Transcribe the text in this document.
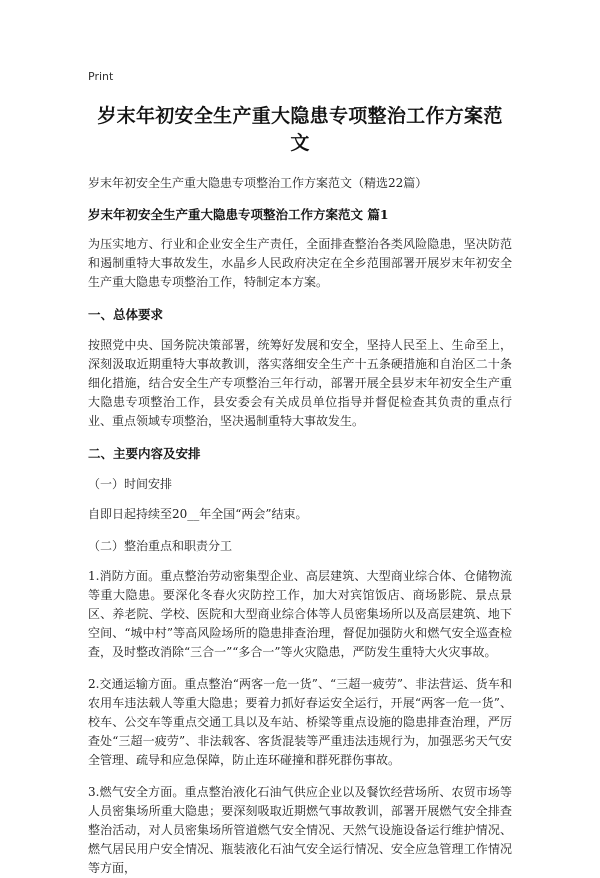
Print
岁末年初安全生产重大隐患专项整治工作方案范文
岁末年初安全生产重大隐患专项整治工作方案范文（精选22篇）
岁末年初安全生产重大隐患专项整治工作方案范文 篇1

为压实地方、行业和企业安全生产责任，全面排查整治各类风险隐患，坚决防范和遏制重特大事故发生，水晶乡人民政府决定在全乡范围部署开展岁末年初安全生产重大隐患专项整治工作，特制定本方案。

一、总体要求

按照党中央、国务院决策部署，统筹好发展和安全，坚持人民至上、生命至上，深刻汲取近期重特大事故教训，落实落细安全生产十五条硬措施和自治区二十条细化措施，结合安全生产专项整治三年行动，部署开展全县岁末年初安全生产重大隐患专项整治工作，县安委会有关成员单位指导并督促检查其负责的重点行业、重点领域专项整治，坚决遏制重特大事故发生。

二、主要内容及安排
（一）时间安排

自即日起持续至20__年全国“两会”结束。

（二）整治重点和职责分工

1.消防方面。重点整治劳动密集型企业、高层建筑、大型商业综合体、仓储物流等重大隐患。要深化冬春火灾防控工作，加大对宾馆饭店、商场影院、景点景区、养老院、学校、医院和大型商业综合体等人员密集场所以及高层建筑、地下空间、“城中村”等高风险场所的隐患排查治理，督促加强防火和燃气安全巡查检查，及时整改消除“三合一”“多合一”等火灾隐患，严防发生重特大火灾事故。

2.交通运输方面。重点整治“两客一危一货”、“三超一疲劳”、非法营运、货车和农用车违法载人等重大隐患；要着力抓好春运安全运行，开展“两客一危一货”、校车、公交车等重点交通工具以及车站、桥梁等重点设施的隐患排查治理，严厉查处“三超一疲劳”、非法载客、客货混装等严重违法违规行为，加强恶劣天气安全管理、疏导和应急保障，防止连环碰撞和群死群伤事故。

3.燃气安全方面。重点整治液化石油气供应企业以及餐饮经营场所、农贸市场等人员密集场所重大隐患；要深刻吸取近期燃气事故教训，部署开展燃气安全排查整治活动，对人员密集场所管道燃气安全情况、天然气设施设备运行维护情况、燃气居民用户安全情况、瓶装液化石油气安全运行情况、安全应急管理工作情况等方面，
